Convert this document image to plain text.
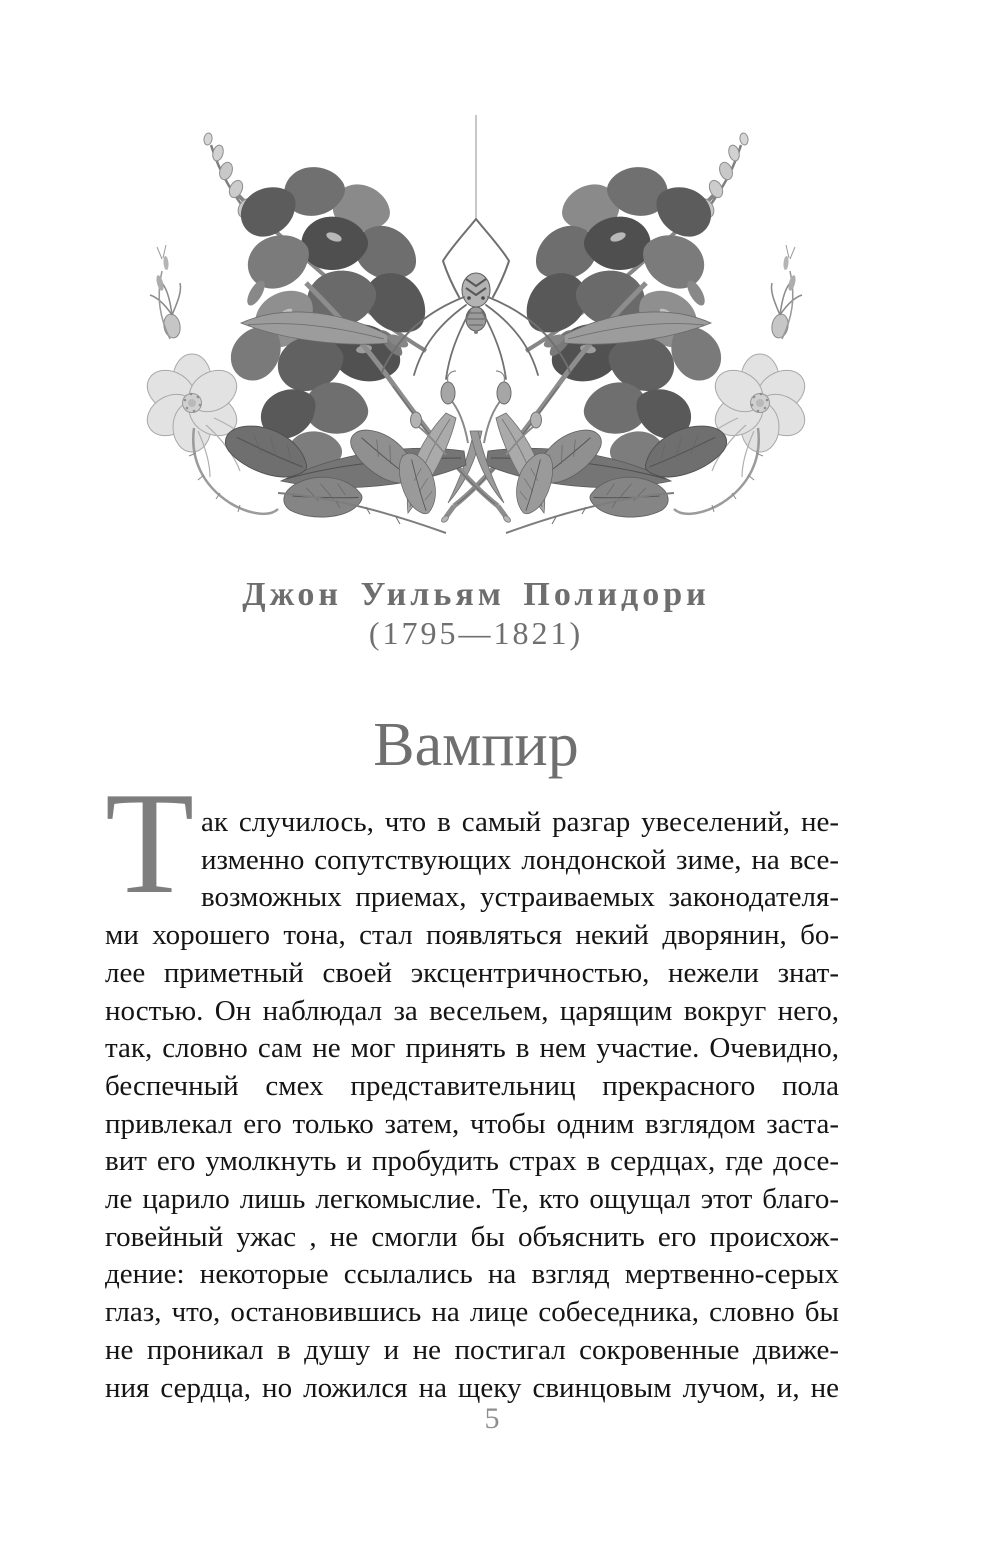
Джон Уильям Полидори
(1795—1821)
Вампир
Т ак случилось, что в самый разгар увеселений, не-
изменно сопутствующих лондонской зиме, на все-
возможных приемах, устраиваемых законодателя-
ми хорошего тона, стал появляться некий дворянин, бо-
лее приметный своей эксцентричностью, нежели знат-
ностью. Он наблюдал за весельем, царящим вокруг него,
так, словно сам не мог принять в нем участие. Очевидно,
беспечный смех представительниц прекрасного пола
привлекал его только затем, чтобы одним взглядом заста-
вит его умолкнуть и пробудить страх в сердцах, где досе-
ле царило лишь легкомыслие. Те, кто ощущал этот благо-
говейный ужас , не смогли бы объяснить его происхож-
дение: некоторые ссылались на взгляд мертвенно-серых
глаз, что, остановившись на лице собеседника, словно бы
не проникал в душу и не постигал сокровенные движе-
ния сердца, но ложился на щеку свинцовым лучом, и, не
5
